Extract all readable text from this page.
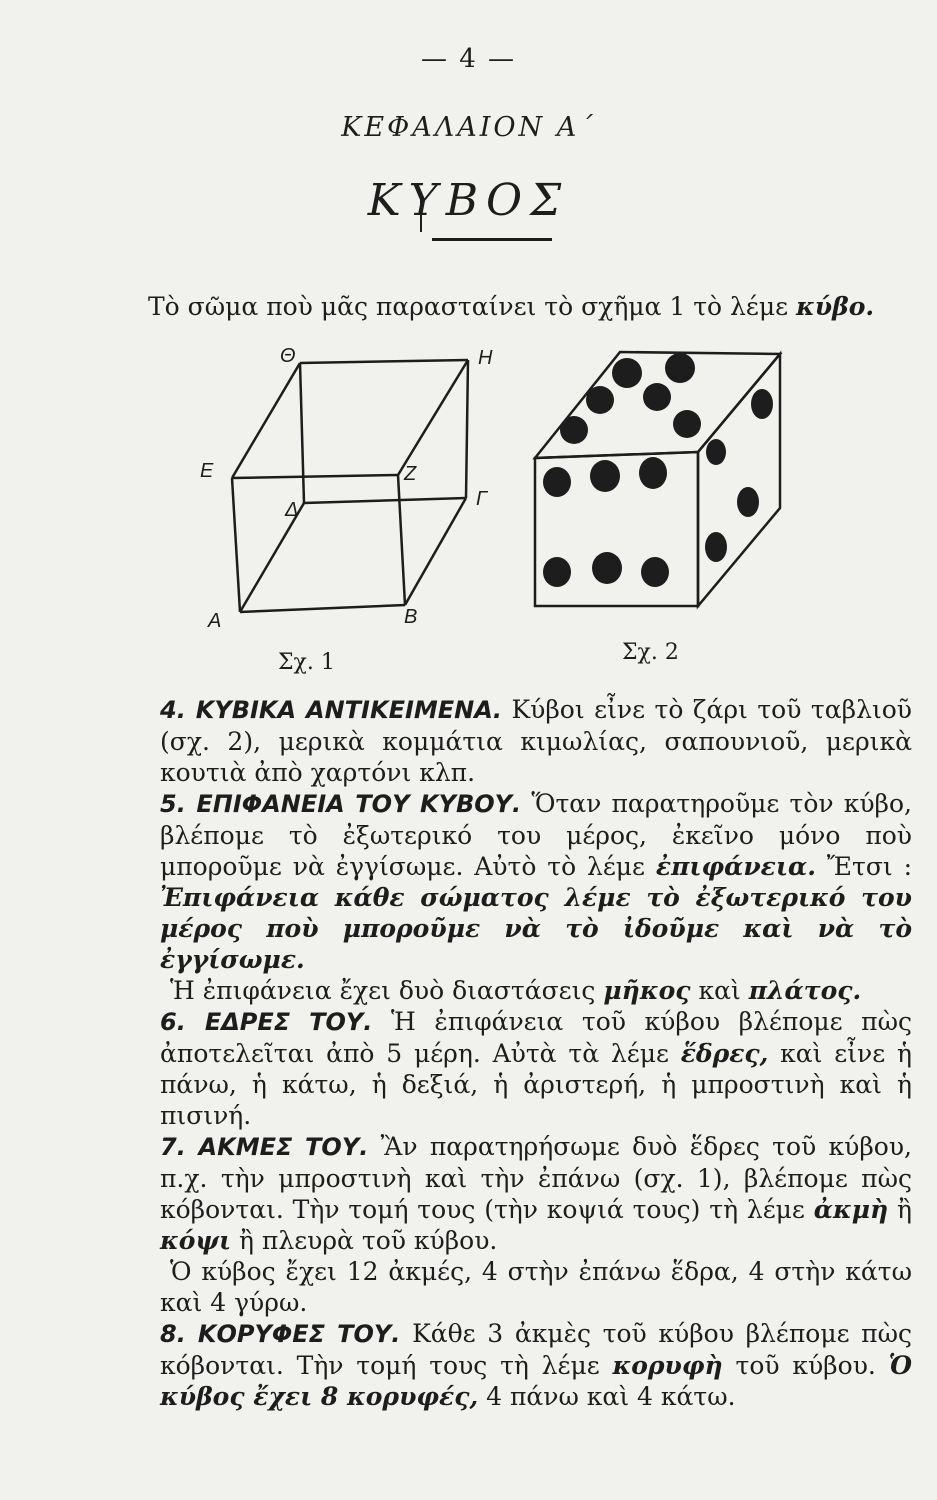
— 4 —
ΚΕΦΑΛΑΙΟΝ Α΄
ΚΥΒΟΣ
Τὸ σῶμα ποὺ μᾶς παρασταίνει τὸ σχῆμα 1 τὸ λέμε κύβο.
Α	Β
Γ
Δ
Ε	Ζ
Η
Θ
Σχ. 1	Σχ. 2

4. ΚΥΒΙΚΑ ΑΝΤΙΚΕΙΜΕΝΑ. Κύβοι εἶνε τὸ ζάρι τοῦ ταβλιοῦ (σχ. 2), μερικὰ κομμάτια κιμωλίας, σαπουνιοῦ, μερικὰ κουτιὰ ἀπὸ χαρτόνι κλπ.

5. ΕΠΙΦΑΝΕΙΑ ΤΟΥ ΚΥΒΟΥ. Ὅταν παρατηροῦμε τὸν κύβο, βλέπομε τὸ ἐξωτερικό του μέρος, ἐκεῖνο μόνο ποὺ μποροῦμε νὰ ἐγγίσωμε. Αὐτὸ τὸ λέμε ἐπιφάνεια. Ἔτσι : Ἐπιφάνεια κάθε σώματος λέμε τὸ ἐξωτερικό του μέρος ποὺ μποροῦμε νὰ τὸ ἰδοῦμε καὶ νὰ τὸ ἐγγίσωμε.

Ἡ ἐπιφάνεια ἔχει δυὸ διαστάσεις μῆκος καὶ πλάτος.

6. ΕΔΡΕΣ ΤΟΥ. Ἡ ἐπιφάνεια τοῦ κύβου βλέπομε πὼς ἀποτελεῖται ἀπὸ 5 μέρη. Αὐτὰ τὰ λέμε ἕδρες, καὶ εἶνε ἡ πάνω, ἡ κάτω, ἡ δεξιά, ἡ ἀριστερή, ἡ μπροστινὴ καὶ ἡ πισινή.

7. ΑΚΜΕΣ ΤΟΥ. Ἂν παρατηρήσωμε δυὸ ἕδρες τοῦ κύβου, π.χ. τὴν μπροστινὴ καὶ τὴν ἐπάνω (σχ. 1), βλέπομε πὼς κόβονται. Τὴν τομή τους (τὴν κοψιά τους) τὴ λέμε ἀκμὴ ἢ κόψι ἢ πλευρὰ τοῦ κύβου.

Ὁ κύβος ἔχει 12 ἀκμές, 4 στὴν ἐπάνω ἕδρα, 4 στὴν κάτω καὶ 4 γύρω.

8. ΚΟΡΥΦΕΣ ΤΟΥ. Κάθε 3 ἀκμὲς τοῦ κύβου βλέπομε πὼς κόβονται. Τὴν τομή τους τὴ λέμε κορυφὴ τοῦ κύβου. Ὁ κύβος ἔχει 8 κορυφές, 4 πάνω καὶ 4 κάτω.
